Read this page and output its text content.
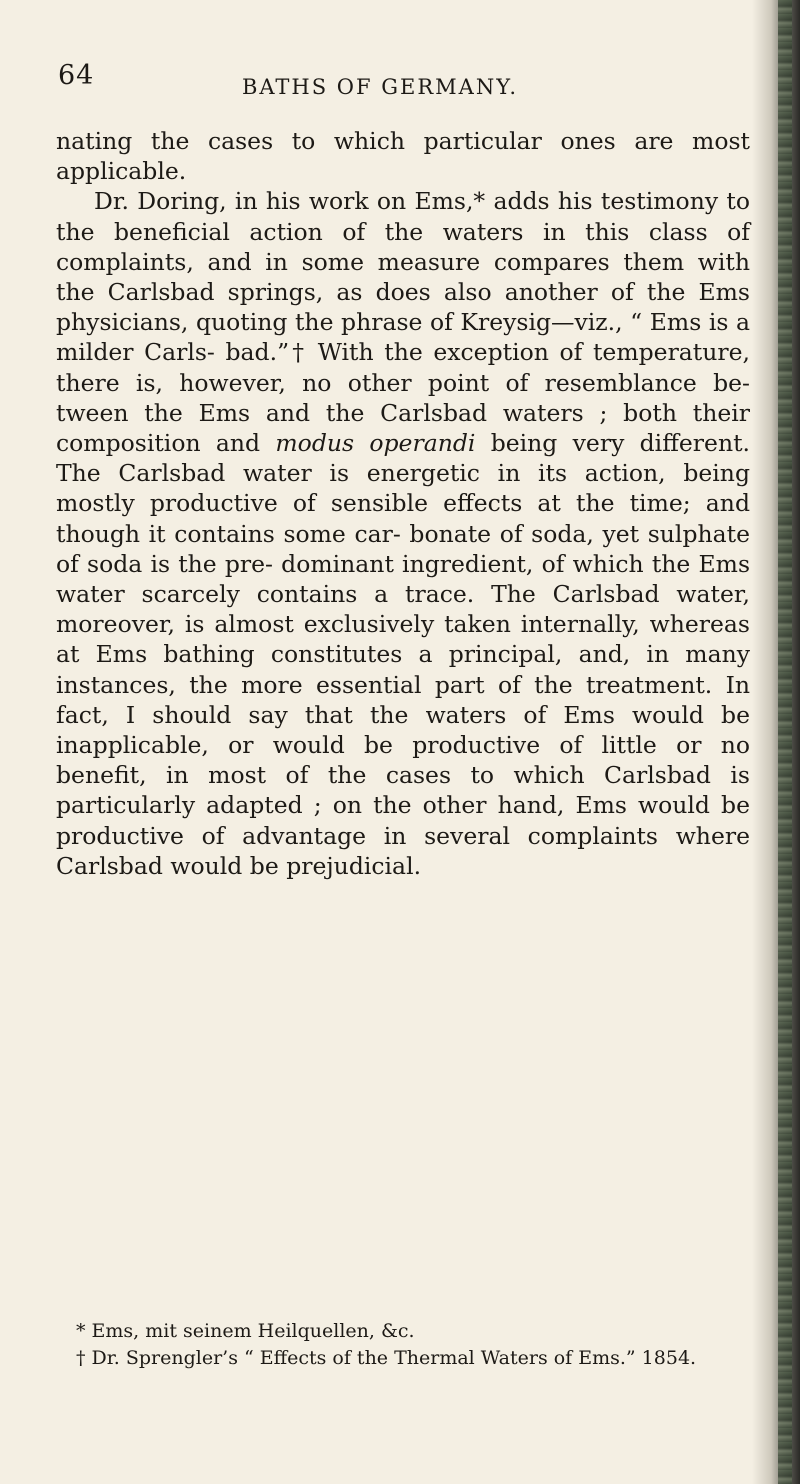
64	BATHS OF GERMANY.

nating the cases to which particular ones are most applicable.

Dr. Doring, in his work on Ems,* adds his testimony to the beneficial action of the waters in this class of complaints, and in some measure compares them with the Carlsbad springs, as does also another of the Ems physicians, quoting the phrase of Kreysig—viz., “ Ems is a milder Carls- bad.”† With the exception of temperature, there is, however, no other point of resemblance be- tween the Ems and the Carlsbad waters ; both their composition and modus operandi being very different. The Carlsbad water is energetic in its action, being mostly productive of sensible effects at the time; and though it contains some car- bonate of soda, yet sulphate of soda is the pre- dominant ingredient, of which the Ems water scarcely contains a trace. The Carlsbad water, moreover, is almost exclusively taken internally, whereas at Ems bathing constitutes a principal, and, in many instances, the more essential part of the treatment. In fact, I should say that the waters of Ems would be inapplicable, or would be productive of little or no benefit, in most of the cases to which Carlsbad is particularly adapted ; on the other hand, Ems would be productive of advantage in several complaints where Carlsbad would be prejudicial.

* Ems, mit seinem Heilquellen, &c.

† Dr. Sprengler’s “ Effects of the Thermal Waters of Ems.” 1854.
